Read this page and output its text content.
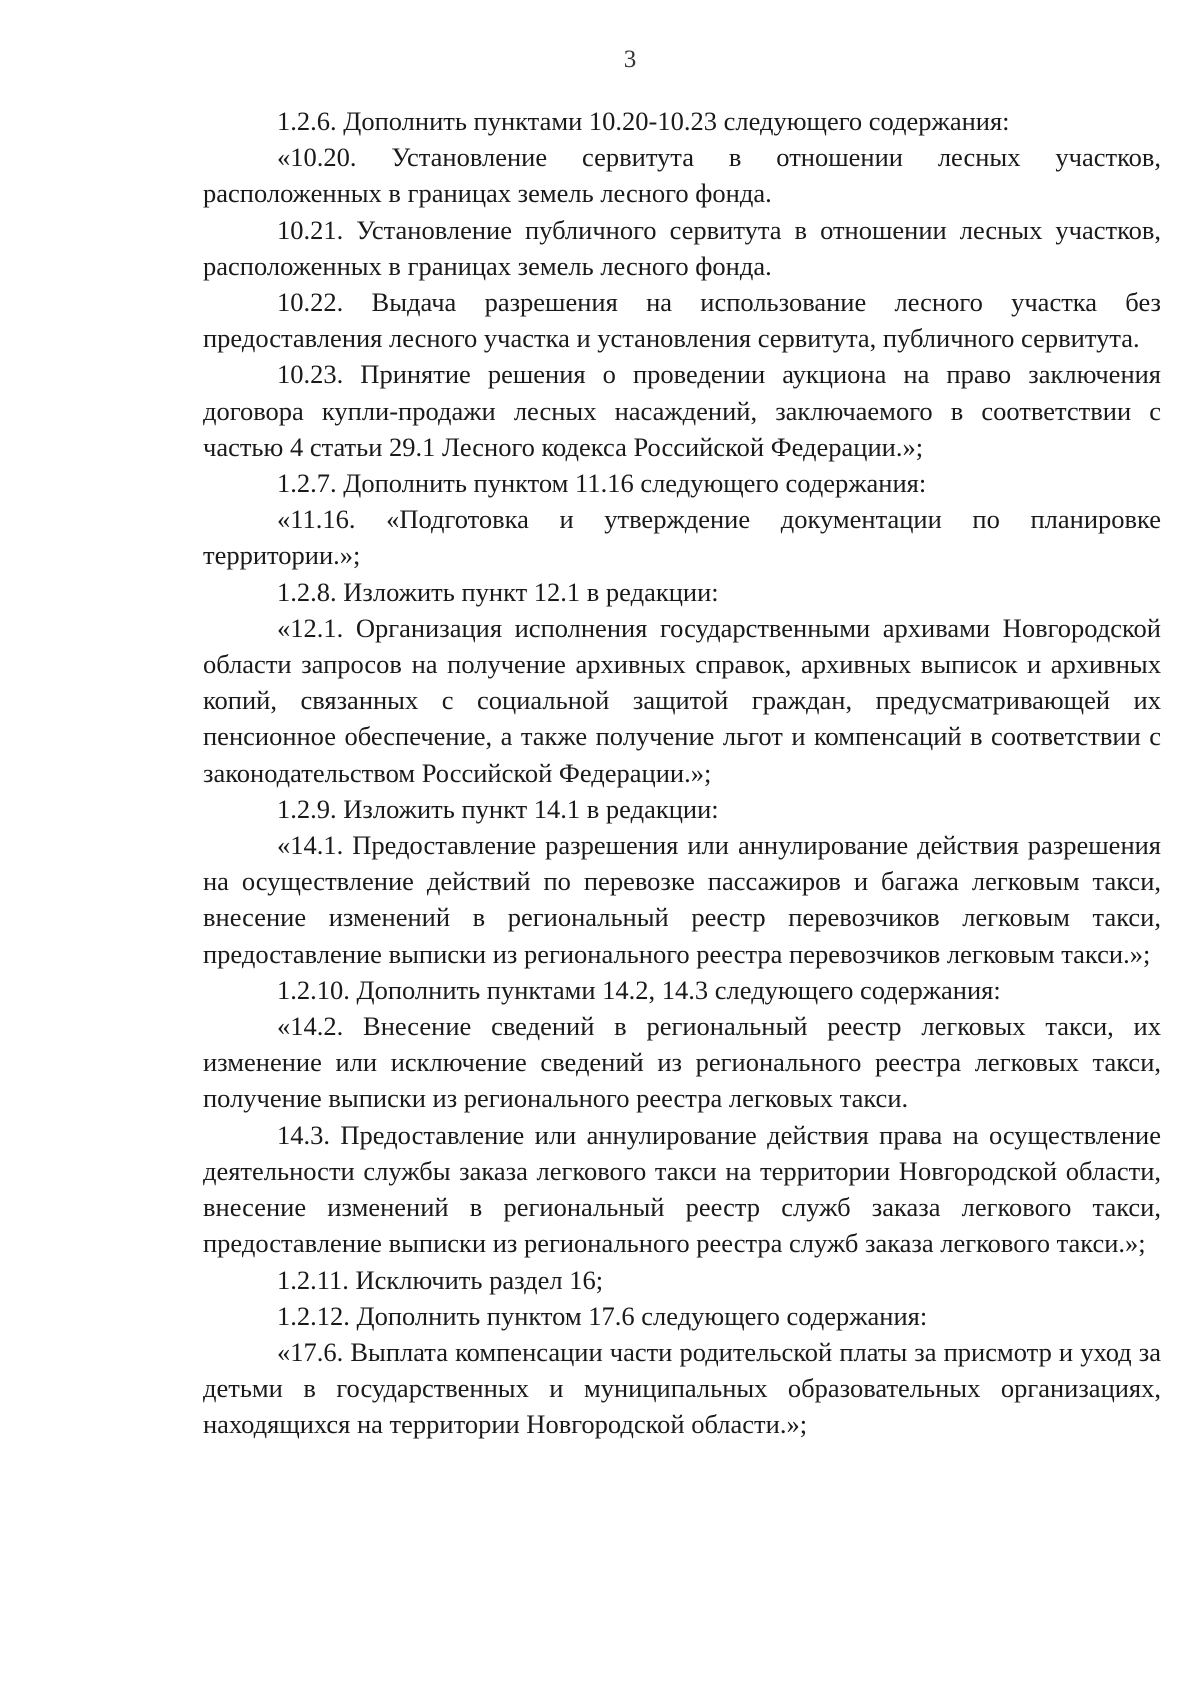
3

1.2.6. Дополнить пунктами 10.20-10.23 следующего содержания:

«10.20. Установление сервитута в отношении лесных участков, расположенных в границах земель лесного фонда.

10.21. Установление публичного сервитута в отношении лесных участков, расположенных в границах земель лесного фонда.

10.22. Выдача разрешения на использование лесного участка без предоставления лесного участка и установления сервитута, публичного сервитута.

10.23. Принятие решения о проведении аукциона на право заключения договора купли-продажи лесных насаждений, заключаемого в соответствии с частью 4 статьи 29.1 Лесного кодекса Российской Федерации.»;

1.2.7. Дополнить пунктом 11.16 следующего содержания:

«11.16. «Подготовка и утверждение документации по планировке территории.»;

1.2.8. Изложить пункт 12.1 в редакции:

«12.1. Организация исполнения государственными архивами Новгородской области запросов на получение архивных справок, архивных выписок и архивных копий, связанных с социальной защитой граждан, предусматривающей их пенсионное обеспечение, а также получение льгот и компенсаций в соответствии с законодательством Российской Федерации.»;

1.2.9. Изложить пункт 14.1 в редакции:

«14.1. Предоставление разрешения или аннулирование действия разрешения на осуществление действий по перевозке пассажиров и багажа легковым такси, внесение изменений в региональный реестр перевозчиков легковым такси, предоставление выписки из регионального реестра перевозчиков легковым такси.»;

1.2.10. Дополнить пунктами 14.2, 14.3 следующего содержания:

«14.2. Внесение сведений в региональный реестр легковых такси, их изменение или исключение сведений из регионального реестра легковых такси, получение выписки из регионального реестра легковых такси.

14.3. Предоставление или аннулирование действия права на осуществление деятельности службы заказа легкового такси на территории Новгородской области, внесение изменений в региональный реестр служб заказа легкового такси, предоставление выписки из регионального реестра служб заказа легкового такси.»;

1.2.11. Исключить раздел 16;

1.2.12. Дополнить пунктом 17.6 следующего содержания:

«17.6. Выплата компенсации части родительской платы за присмотр и уход за детьми в государственных и муниципальных образовательных организациях, находящихся на территории Новгородской области.»;
